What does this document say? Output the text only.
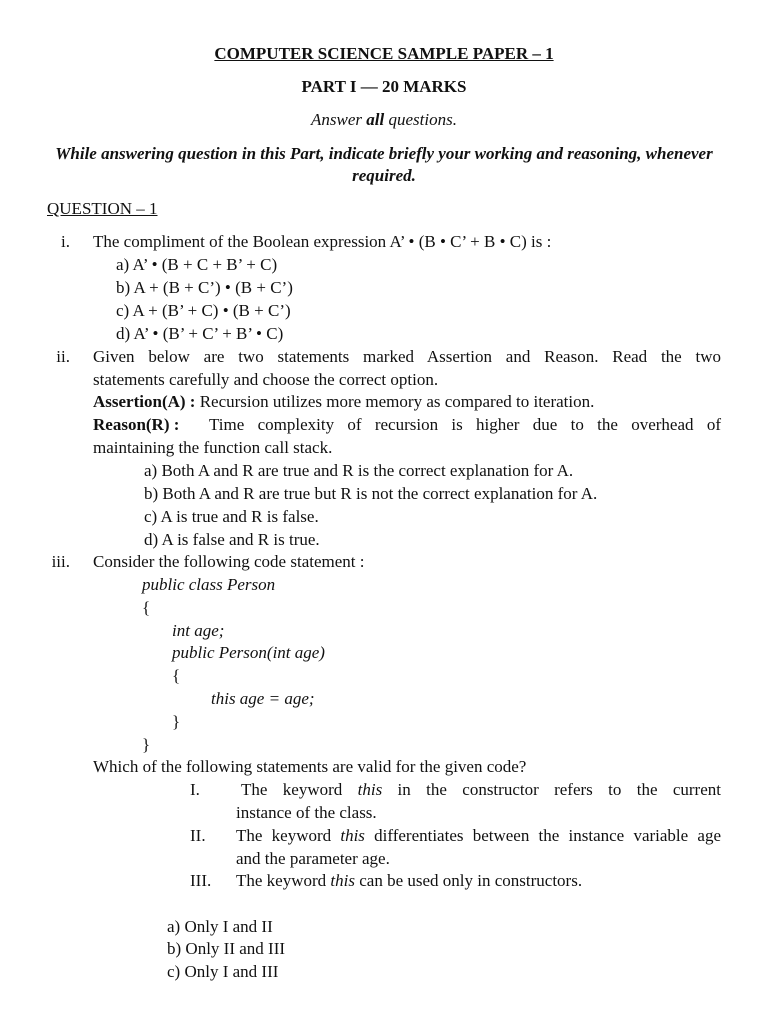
COMPUTER SCIENCE SAMPLE PAPER – 1
PART I — 20 MARKS
Answer all questions.
While answering question in this Part, indicate briefly your working and reasoning, whenever
required.
QUESTION – 1
i. The compliment of the Boolean expression A’ • (B • C’ + B • C) is :
a) A’ • (B + C + B’ + C)
b) A + (B + C’) • (B + C’)
c) A + (B’ + C) • (B + C’)
d) A’ • (B’ + C’ + B’ • C)
ii. Given below are two statements marked Assertion and Reason. Read the two
statements carefully and choose the correct option.
Assertion(A) : Recursion utilizes more memory as compared to iteration.
Reason(R) : Time complexity of recursion is higher due to the overhead of
maintaining the function call stack.
a) Both A and R are true and R is the correct explanation for A.
b) Both A and R are true but R is not the correct explanation for A.
c) A is true and R is false.
d) A is false and R is true.
iii. Consider the following code statement :
public class Person
{
int age;
public Person(int age)
{
this age = age;
}
}
Which of the following statements are valid for the given code?
I. The keyword this in the constructor refers to the current
instance of the class.
II. The keyword this differentiates between the instance variable age
and the parameter age.
III. The keyword this can be used only in constructors.
a) Only I and II
b) Only II and III
c) Only I and III
